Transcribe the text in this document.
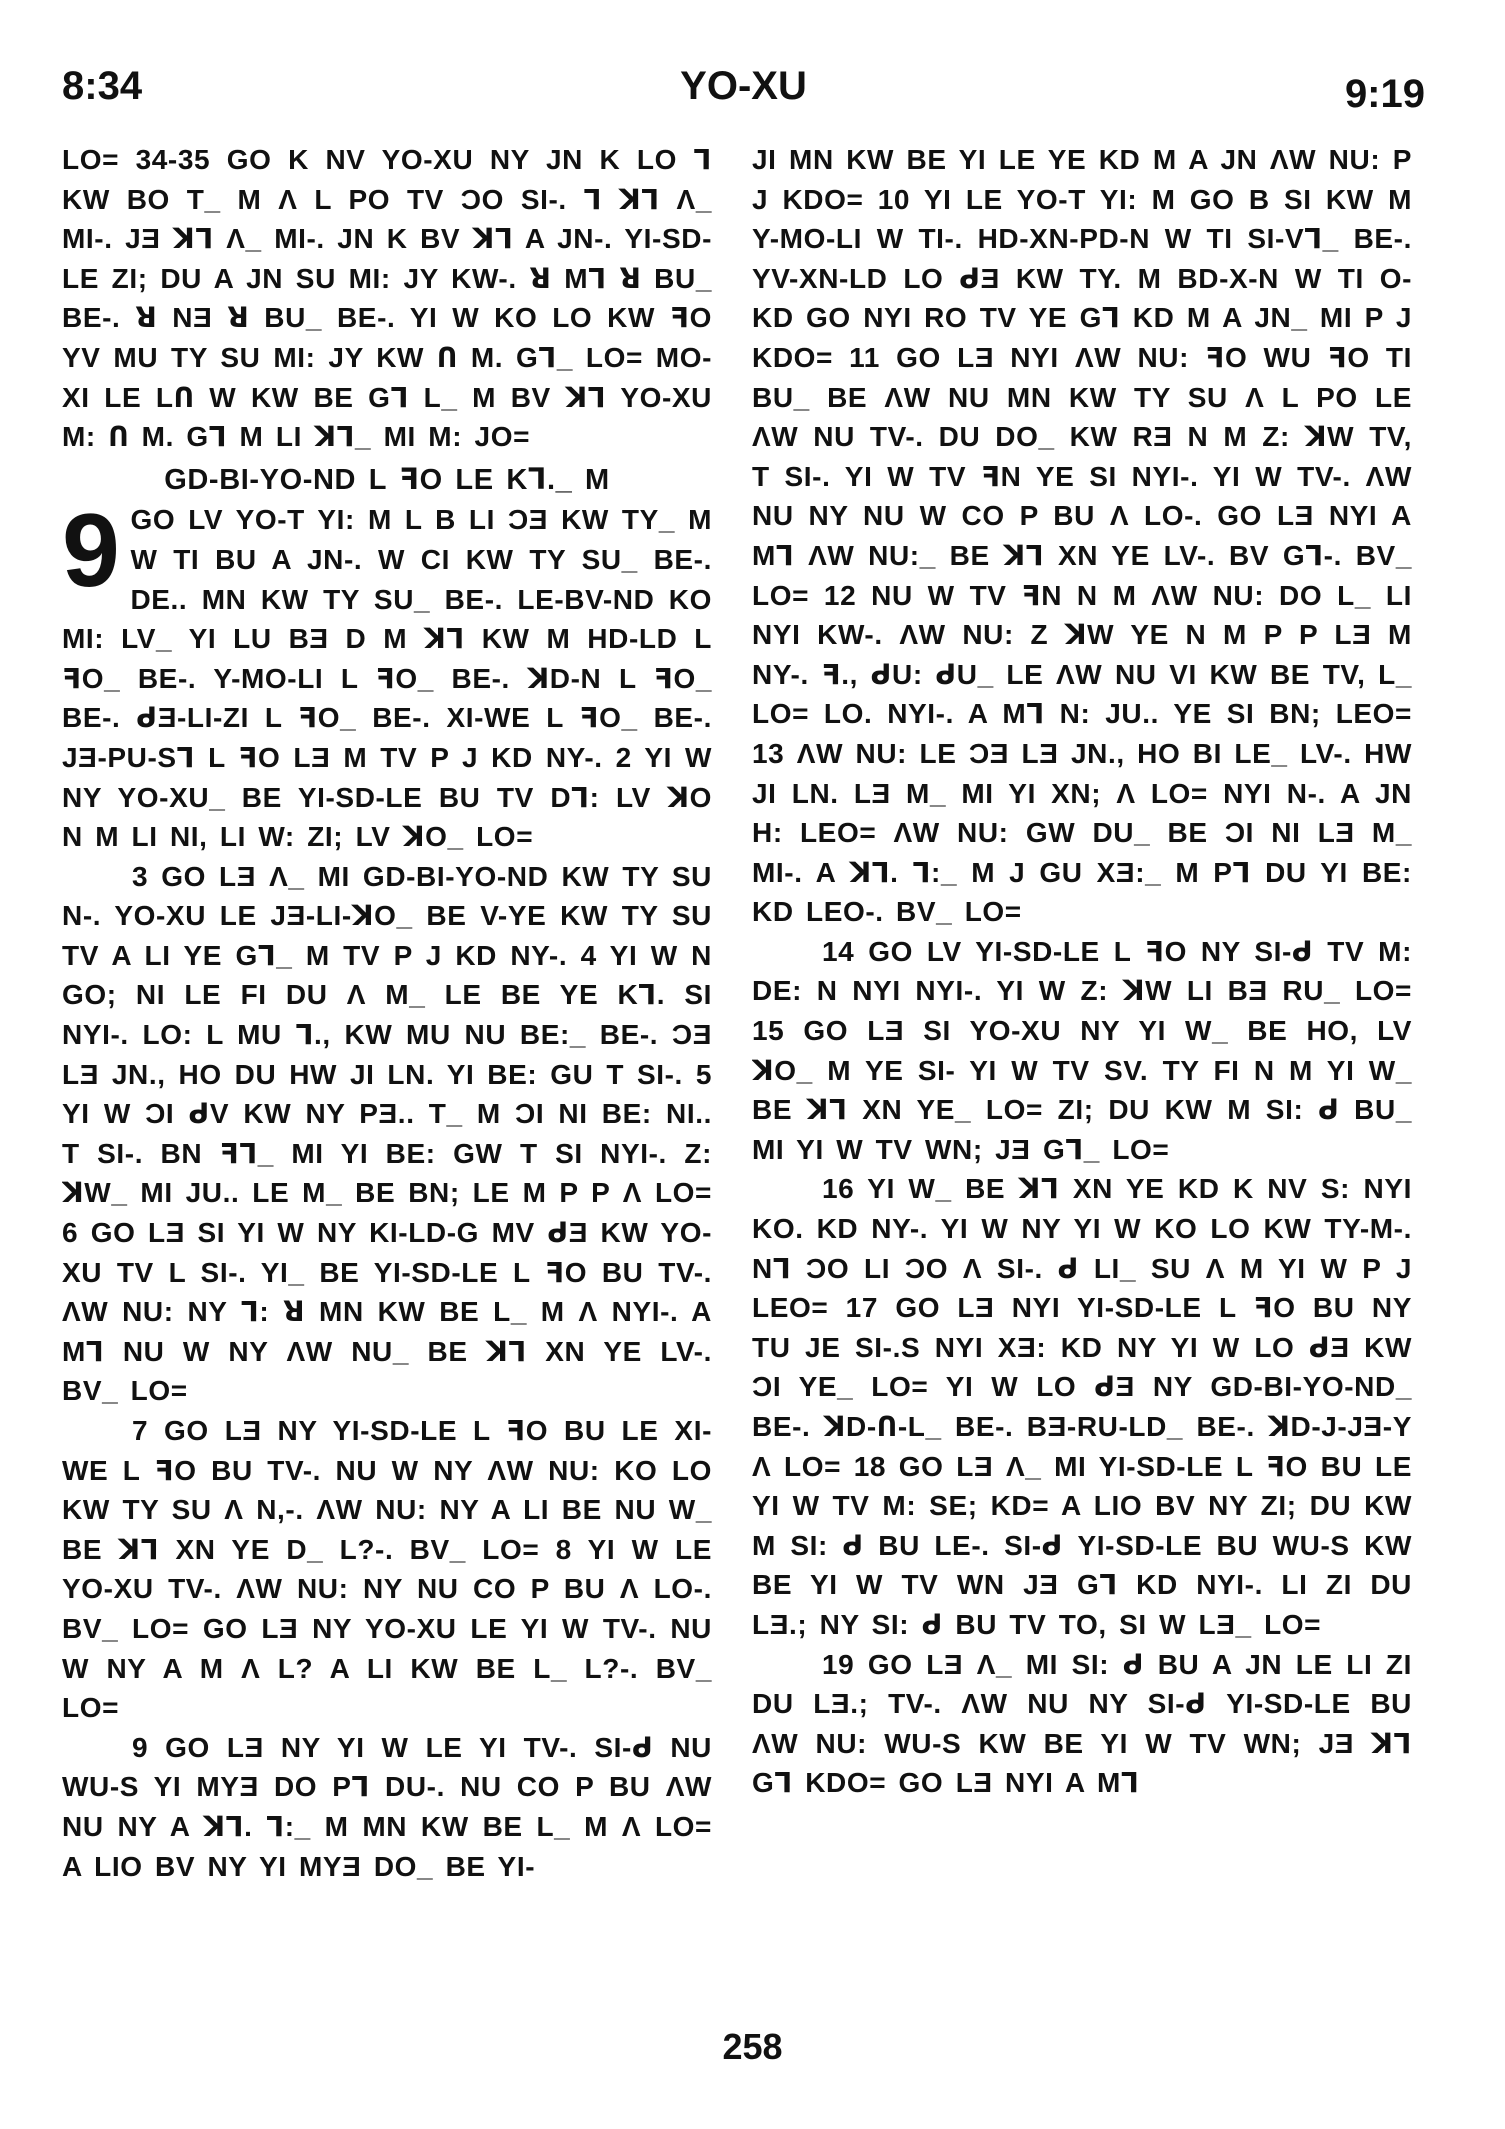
8:34	YO-XU	9:19

LO= 34-35 GO K NV YO-XU NY JN K LO Ꞁ KW BO T_ M Λ L PO TV ƆO SI-. Ꞁ ꓘꞀ Λ_ MI-. JƎ ꓘꞀ Λ_ MI-. JN K BV ꓘꞀ A JN-. YI-SD-LE ZI; DU A JN SU MI: JY KW-. ꓤ MꞀ ꓤ BU_ BE-. ꓤ NƎ ꓤ BU_ BE-. YI W KO LO KW ꟻO YV MU TY SU MI: JY KW Ո M. GꞀ_ LO= MO-XI LE LՈ W KW BE GꞀ L_ M BV ꓘꞀ YO-XU M: Ո M. GꞀ M LI ꓘꞀ_ MI M: JO=

GD-BI-YO-ND L ꟻO LE KꞀ._ M

9 GO LV YO-T YI: M L B LI ƆƎ KW TY_ M W TI BU A JN-. W CI KW TY SU_ BE-. DE.. MN KW TY SU_ BE-. LE-BV-ND KO MI: LV_ YI LU BƎ D M ꓘꞀ KW M HD-LD L ꟻO_ BE-. Y-MO-LI L ꟻO_ BE-. ꓘD-N L ꟻO_ BE-. ᑯƎ-LI-ZI L ꟻO_ BE-. XI-WE L ꟻO_ BE-. JƎ-PU-SꞀ L ꟻO LƎ M TV P J KD NY-. 2 YI W NY YO-XU_ BE YI-SD-LE BU TV DꞀ: LV ꓘO N M LI NI, LI W: ZI; LV ꓘO_ LO=

3 GO LƎ Λ_ MI GD-BI-YO-ND KW TY SU N-. YO-XU LE JƎ-LI-ꓘO_ BE V-YE KW TY SU TV A LI YE GꞀ_ M TV P J KD NY-. 4 YI W N GO; NI LE FI DU Λ M_ LE BE YE KꞀ. SI NYI-. LO: L MU Ꞁ., KW MU NU BE:_ BE-. ƆƎ LƎ JN., HO DU HW JI LN. YI BE: GU T SI-. 5 YI W ƆI ᑯV KW NY PƎ.. T_ M ƆI NI BE: NI.. T SI-. BN ꟻꞀ_ MI YI BE: GW T SI NYI-. Z: ꓘW_ MI JU.. LE M_ BE BN; LE M P P Λ LO= 6 GO LƎ SI YI W NY KI-LD-G MV ᑯƎ KW YO-XU TV L SI-. YI_ BE YI-SD-LE L ꟻO BU TV-. ΛW NU: NY Ꞁ: ꓤ MN KW BE L_ M Λ NYI-. A MꞀ NU W NY ΛW NU_ BE ꓘꞀ XN YE LV-. BV_ LO=

7 GO LƎ NY YI-SD-LE L ꟻO BU LE XI-WE L ꟻO BU TV-. NU W NY ΛW NU: KO LO KW TY SU Λ N,-. ΛW NU: NY A LI BE NU W_ BE ꓘꞀ XN YE D_ L?-. BV_ LO= 8 YI W LE YO-XU TV-. ΛW NU: NY NU CO P BU Λ LO-. BV_ LO= GO LƎ NY YO-XU LE YI W TV-. NU W NY A M Λ L? A LI KW BE L_ L?-. BV_ LO=

9 GO LƎ NY YI W LE YI TV-. SI-ᑯ NU WU-S YI MYƎ DO PꞀ DU-. NU CO P BU ΛW NU NY A ꓘꞀ. Ꞁ:_ M MN KW BE L_ M Λ LO= A LIO BV NY YI MYƎ DO_ BE YI-

JI MN KW BE YI LE YE KD M A JN ΛW NU: P J KDO= 10 YI LE YO-T YI: M GO B SI KW M Y-MO-LI W TI-. HD-XN-PD-N W TI SI-VꞀ_ BE-. YV-XN-LD LO ᑯƎ KW TY. M BD-X-N W TI O-KD GO NYI RO TV YE GꞀ KD M A JN_ MI P J KDO= 11 GO LƎ NYI ΛW NU: ꟻO WU ꟻO TI BU_ BE ΛW NU MN KW TY SU Λ L PO LE ΛW NU TV-. DU DO_ KW RƎ N M Z: ꓘW TV, T SI-. YI W TV ꟻN YE SI NYI-. YI W TV-. ΛW NU NY NU W CO P BU Λ LO-. GO LƎ NYI A MꞀ ΛW NU:_ BE ꓘꞀ XN YE LV-. BV GꞀ-. BV_ LO= 12 NU W TV ꟻN N M ΛW NU: DO L_ LI NYI KW-. ΛW NU: Z ꓘW YE N M P P LƎ M NY-. ꟻ., ᑯU: ᑯU_ LE ΛW NU VI KW BE TV, L_ LO= LO. NYI-. A MꞀ N: JU.. YE SI BN; LEO= 13 ΛW NU: LE ƆƎ LƎ JN., HO BI LE_ LV-. HW JI LN. LƎ M_ MI YI XN; Λ LO= NYI N-. A JN H: LEO= ΛW NU: GW DU_ BE ƆI NI LƎ M_ MI-. A ꓘꞀ. Ꞁ:_ M J GU XƎ:_ M PꞀ DU YI BE: KD LEO-. BV_ LO=

14 GO LV YI-SD-LE L ꟻO NY SI-ᑯ TV M: DE: N NYI NYI-. YI W Z: ꓘW LI BƎ RU_ LO= 15 GO LƎ SI YO-XU NY YI W_ BE HO, LV ꓘO_ M YE SI- YI W TV SV. TY FI N M YI W_ BE ꓘꞀ XN YE_ LO= ZI; DU KW M SI: ᑯ BU_ MI YI W TV WN; JƎ GꞀ_ LO=

16 YI W_ BE ꓘꞀ XN YE KD K NV S: NYI KO. KD NY-. YI W NY YI W KO LO KW TY-M-. NꞀ ƆO LI ƆO Λ SI-. ᑯ LI_ SU Λ M YI W P J LEO= 17 GO LƎ NYI YI-SD-LE L ꟻO BU NY TU JE SI-.S NYI XƎ: KD NY YI W LO ᑯƎ KW ƆI YE_ LO= YI W LO ᑯƎ NY GD-BI-YO-ND_ BE-. ꓘD-Ո-L_ BE-. BƎ-RU-LD_ BE-. ꓘD-J-JƎ-Y Λ LO= 18 GO LƎ Λ_ MI YI-SD-LE L ꟻO BU LE YI W TV M: SE; KD= A LIO BV NY ZI; DU KW M SI: ᑯ BU LE-. SI-ᑯ YI-SD-LE BU WU-S KW BE YI W TV WN JƎ GꞀ KD NYI-. LI ZI DU LƎ.; NY SI: ᑯ BU TV TO, SI W LƎ_ LO=

19 GO LƎ Λ_ MI SI: ᑯ BU A JN LE LI ZI DU LƎ.; TV-. ΛW NU NY SI-ᑯ YI-SD-LE BU ΛW NU: WU-S KW BE YI W TV WN; JƎ ꓘꞀ GꞀ KDO= GO LƎ NYI A MꞀ

258
